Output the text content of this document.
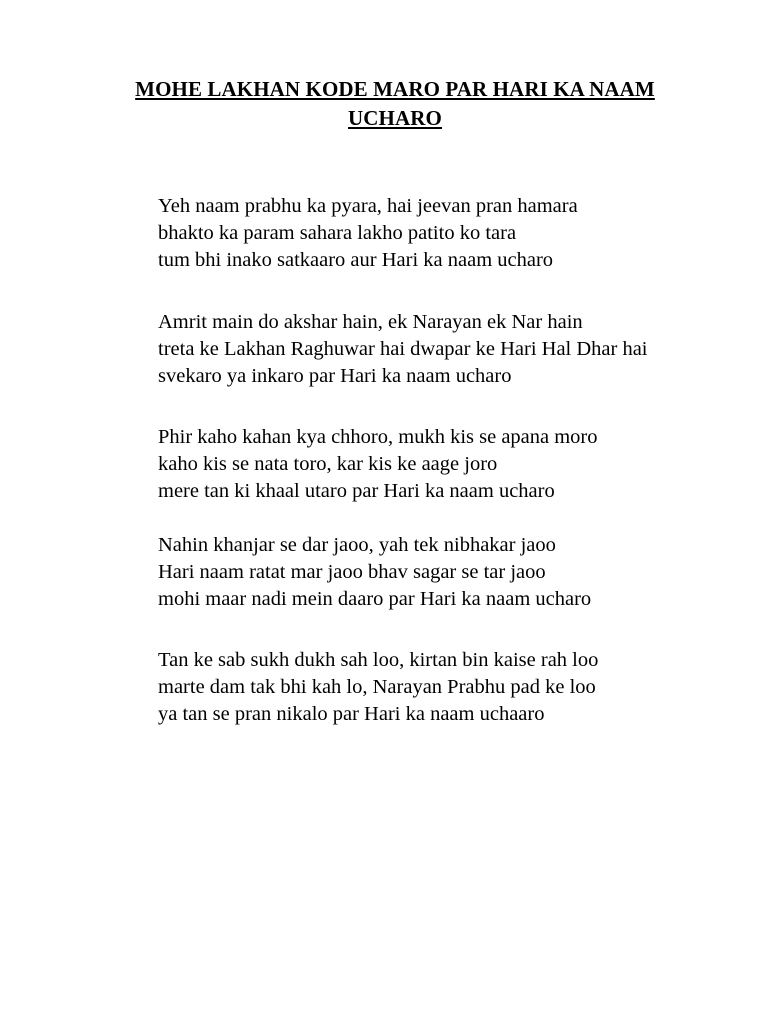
MOHE LAKHAN KODE MARO PAR HARI KA NAAM
UCHARO
Yeh naam prabhu ka pyara, hai jeevan pran hamara
bhakto ka param sahara lakho patito ko tara
tum bhi inako satkaaro aur Hari ka naam ucharo
Amrit main do akshar hain, ek Narayan ek Nar hain
treta ke Lakhan Raghuwar hai dwapar ke Hari Hal Dhar hai
svekaro ya inkaro par Hari ka naam ucharo
Phir kaho kahan kya chhoro, mukh kis se apana moro
kaho kis se nata toro, kar kis ke aage joro
mere tan ki khaal utaro par Hari ka naam ucharo
Nahin khanjar se dar jaoo, yah tek nibhakar jaoo
Hari naam ratat mar jaoo bhav sagar se tar jaoo
mohi maar nadi mein daaro par Hari ka naam ucharo
Tan ke sab sukh dukh sah loo, kirtan bin kaise rah loo
marte dam tak bhi kah lo, Narayan Prabhu pad ke loo
ya tan se pran nikalo par Hari ka naam uchaaro
